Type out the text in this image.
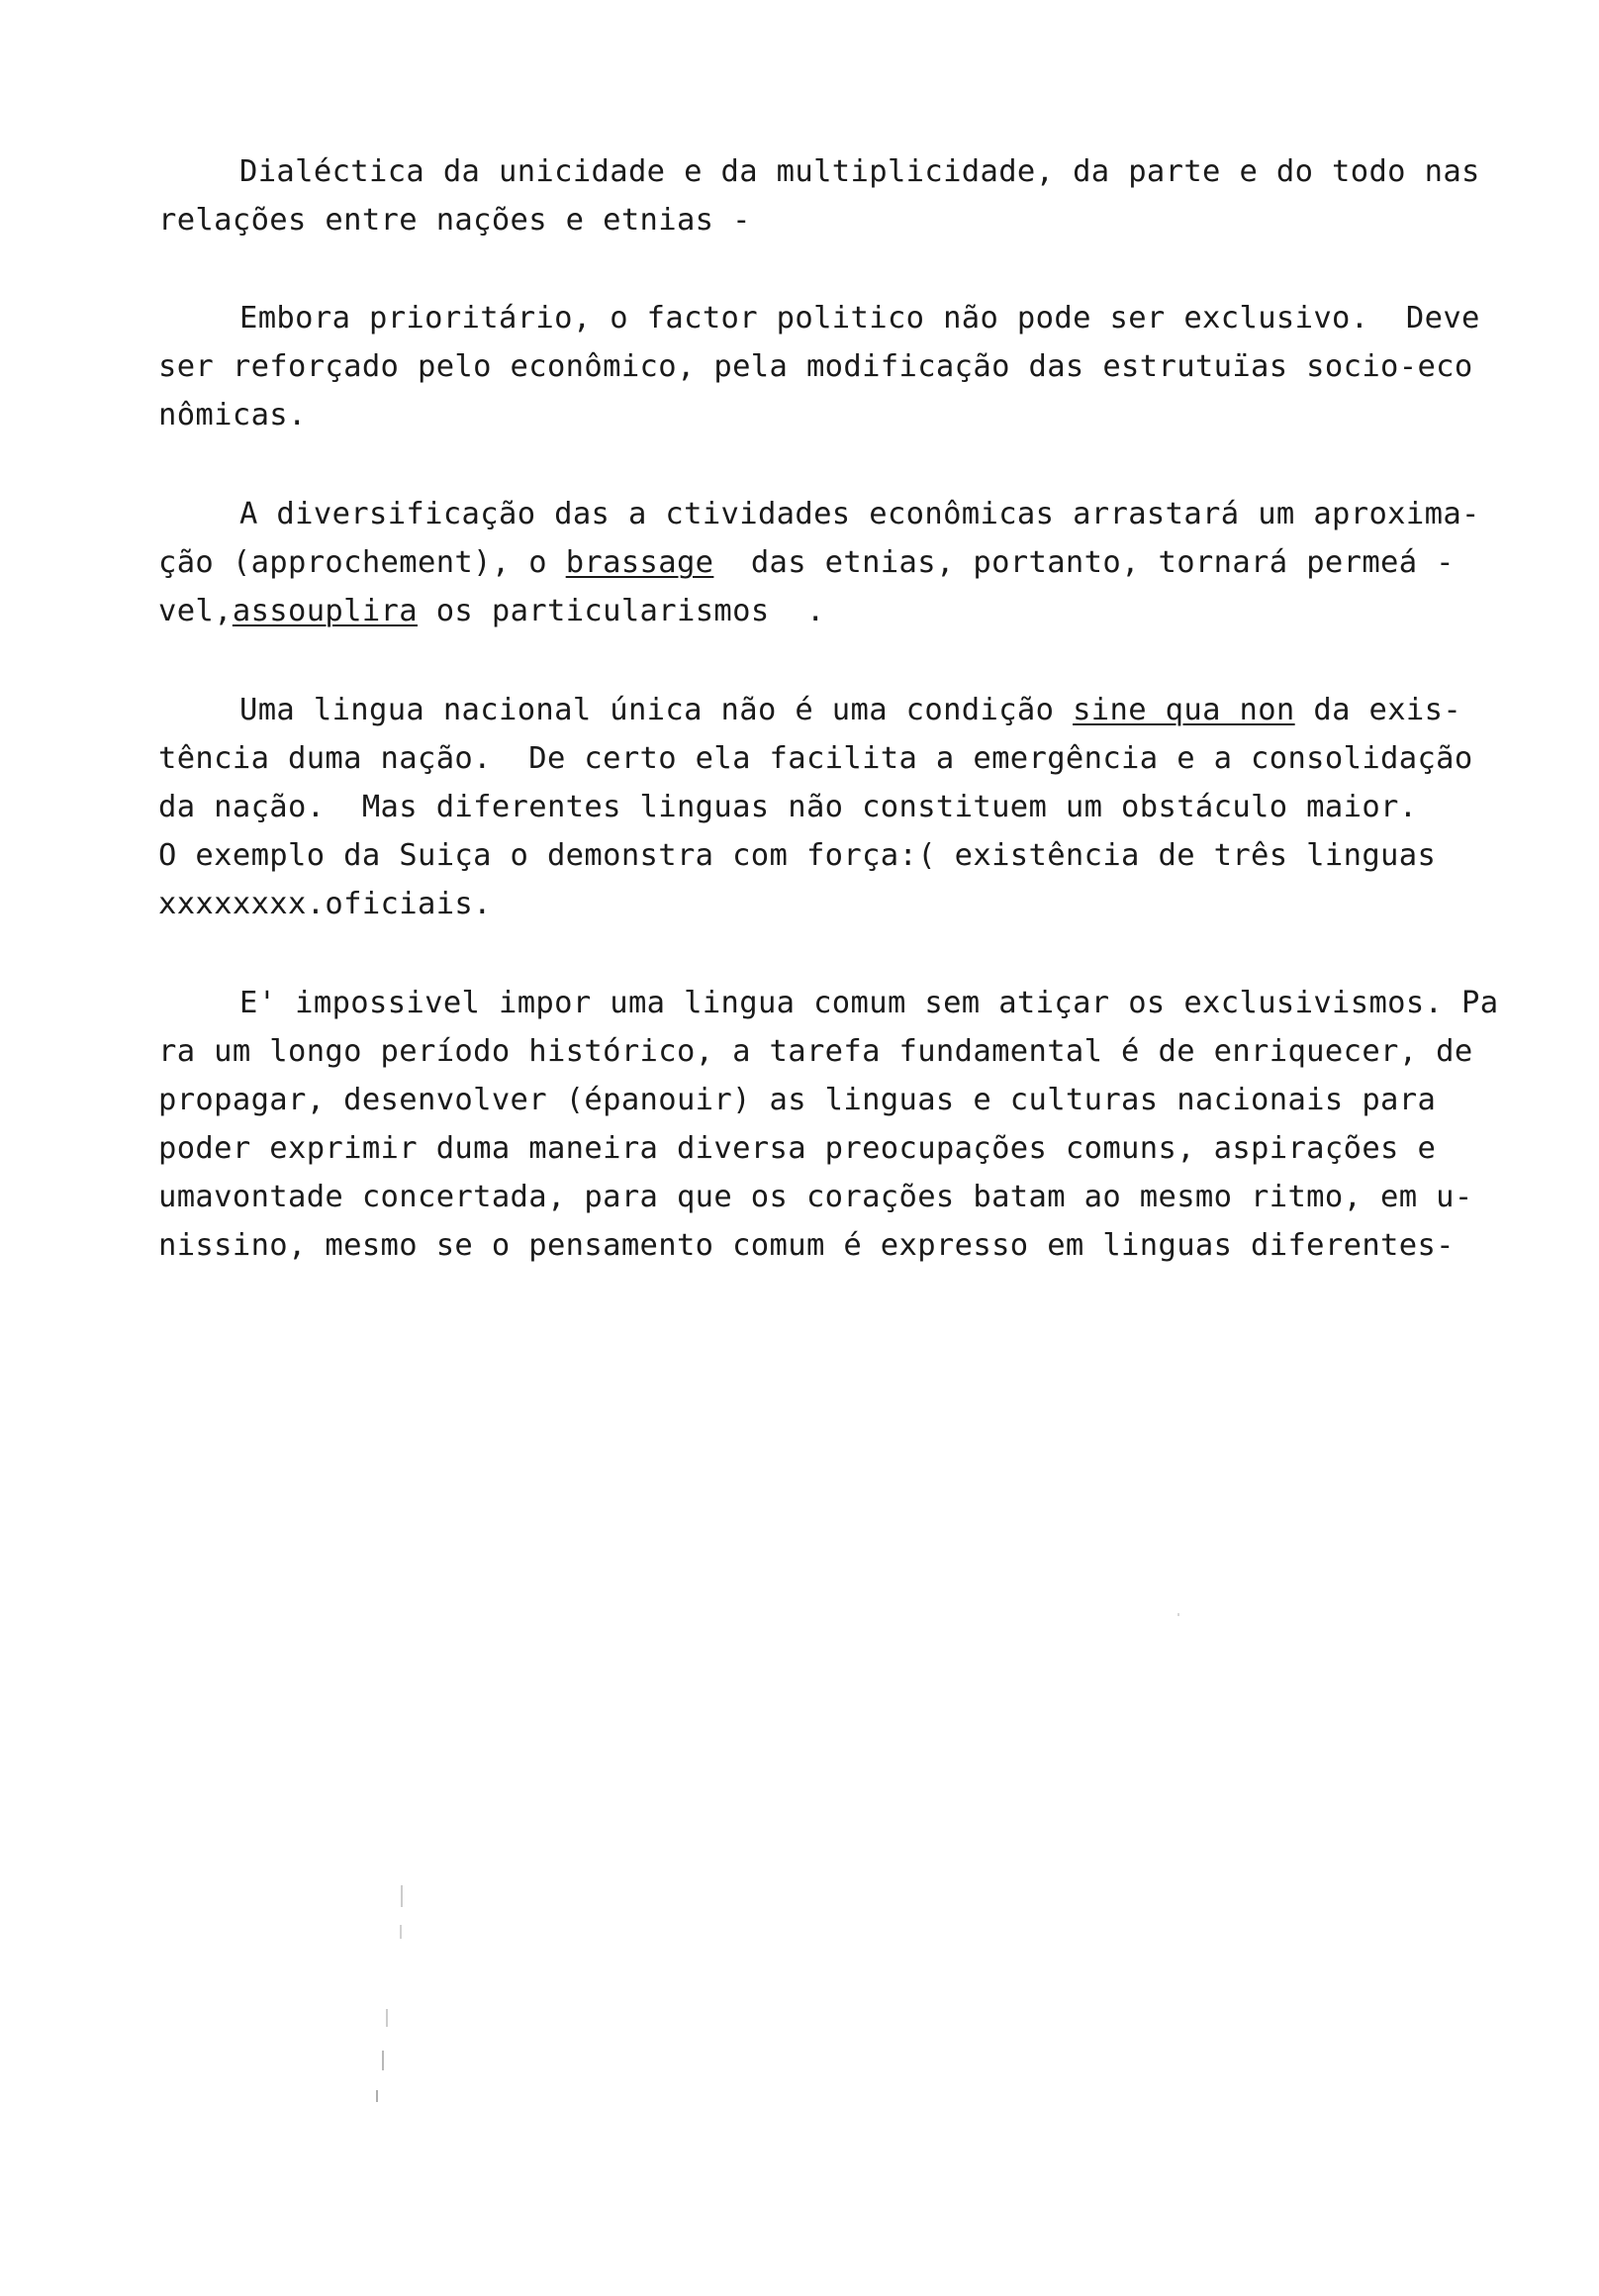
Dialéctica da unicidade e da multiplicidade, da parte e do todo nas
relações entre nações e etnias -
Embora prioritário, o factor politico não pode ser exclusivo.  Deve
ser reforçado pelo econômico, pela modificação das estrutuïas socio-eco
nômicas.
A diversificação das a ctividades econômicas arrastará um aproxima-
ção (approchement), o brassage  das etnias, portanto, tornará permeá -
vel,assouplira os particularismos  .
Uma lingua nacional única não é uma condição sine qua non da exis-
tência duma nação.  De certo ela facilita a emergência e a consolidação
da nação.  Mas diferentes linguas não constituem um obstáculo maior.
O exemplo da Suiça o demonstra com força:( existência de três linguas
xxxxxxxx.oficiais.
E' impossivel impor uma lingua comum sem atiçar os exclusivismos. Pa
ra um longo período histórico, a tarefa fundamental é de enriquecer, de
propagar, desenvolver (épanouir) as linguas e culturas nacionais para
poder exprimir duma maneira diversa preocupações comuns, aspirações e
umavontade concertada, para que os corações batam ao mesmo ritmo, em u-
nissino, mesmo se o pensamento comum é expresso em linguas diferentes-
